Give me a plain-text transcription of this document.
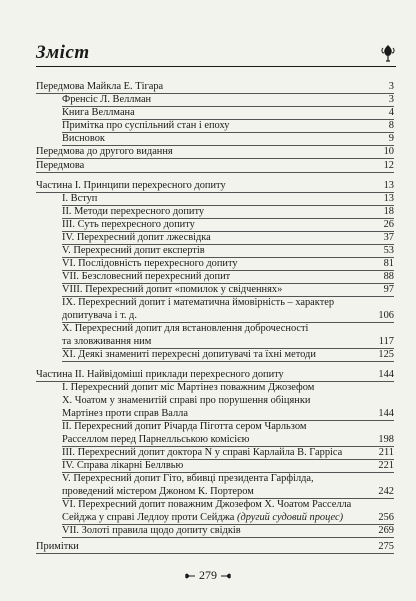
Зміст
Передмова Майкла Е. Тігара	3
Френсіс Л. Веллман	3
Книга Веллмана	4
Примітка про суспільний стан і епоху	8
Висновок	9
Передмова до другого видання	10
Передмова	12
Частина І. Принципи перехресного допиту	13
І. Вступ	13
ІІ. Методи перехресного допиту	18
ІІІ. Суть перехресного допиту	26
ІV. Перехресний допит лжесвідка	37
V. Перехресний допит експертів	53
VІ. Послідовність перехресного допиту	81
VІІ. Безсловесний перехресний допит	88
VІІІ. Перехресний допит «помилок у свідченнях»	97
ІХ. Перехресний допит і математична ймовірність – характер
допитувача і т. д.	106
Х. Перехресний допит для встановлення доброчесності
та зловживання ним	117
ХІ. Деякі знамениті перехресні допитувачі та їхні методи	125
Частина ІІ. Найвідоміші приклади перехресного допиту	144
І. Перехресний допит міс Мартінез поважним Джозефом
Х. Чоатом у знаменитій справі про порушення обіцянки
Мартінез проти справ Валла	144
ІІ. Перехресний допит Річарда Піготта сером Чарльзом
Расселлом перед Парнелльською комісією	198
ІІІ. Перехресний допит доктора N у справі Карлайла В. Гарріса	211
IV. Справа лікарні Беллвью	221
V. Перехресний допит Гіто, вбивці президента Гарфілда,
проведений містером Джоном К. Портером	242
VІ. Перехресний допит поважним Джозефом Х. Чоатом Расселла
Сейджа у справі Ледлоу проти Сейджа (другий судовий процес)	256
VІІ. Золоті правила щодо допиту свідків	269
Примітки	275
279
